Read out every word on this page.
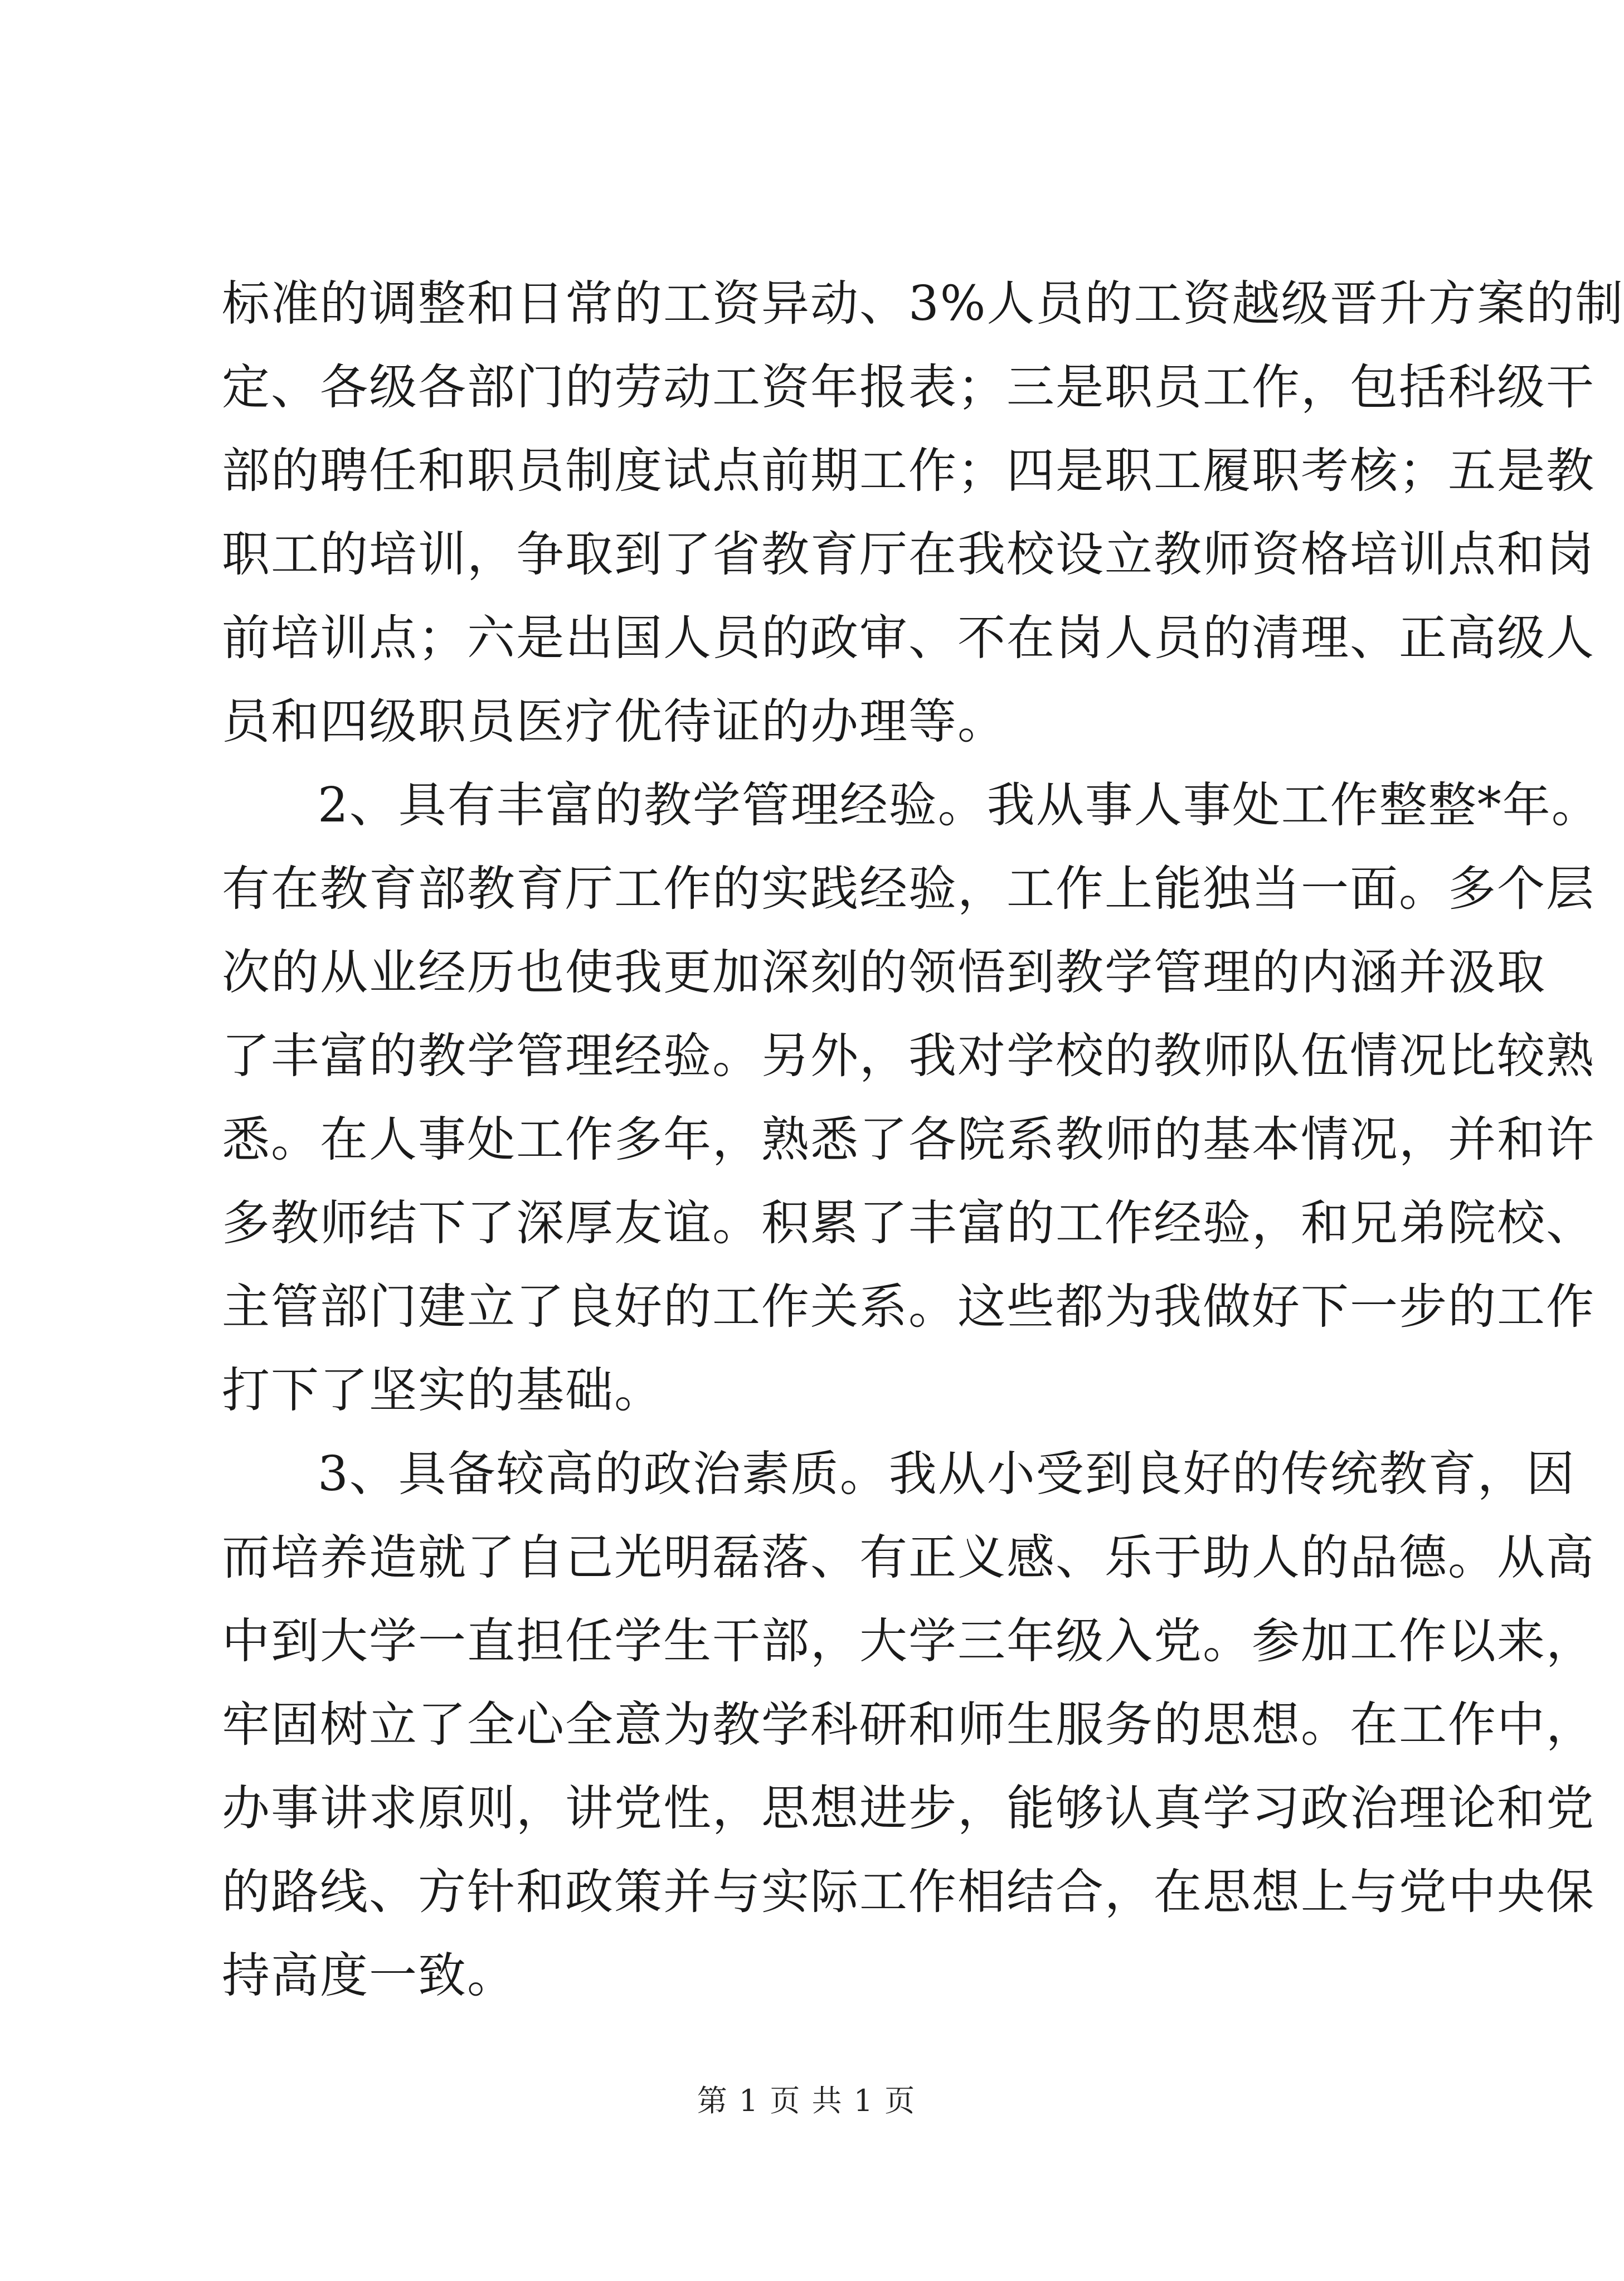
标准的调整和日常的工资异动、3%人员的工资越级晋升方案的制
定、各级各部门的劳动工资年报表；三是职员工作，包括科级干
部的聘任和职员制度试点前期工作；四是职工履职考核；五是教
职工的培训，争取到了省教育厅在我校设立教师资格培训点和岗
前培训点；六是出国人员的政审、不在岗人员的清理、正高级人
员和四级职员医疗优待证的办理等。
2、具有丰富的教学管理经验。我从事人事处工作整整*年。
有在教育部教育厅工作的实践经验，工作上能独当一面。多个层
次的从业经历也使我更加深刻的领悟到教学管理的内涵并汲取
了丰富的教学管理经验。另外，我对学校的教师队伍情况比较熟
悉。在人事处工作多年，熟悉了各院系教师的基本情况，并和许
多教师结下了深厚友谊。积累了丰富的工作经验，和兄弟院校、
主管部门建立了良好的工作关系。这些都为我做好下一步的工作
打下了坚实的基础。
3、具备较高的政治素质。我从小受到良好的传统教育，因
而培养造就了自己光明磊落、有正义感、乐于助人的品德。从高
中到大学一直担任学生干部，大学三年级入党。参加工作以来，
牢固树立了全心全意为教学科研和师生服务的思想。在工作中，
办事讲求原则，讲党性，思想进步，能够认真学习政治理论和党
的路线、方针和政策并与实际工作相结合，在思想上与党中央保
持高度一致。
第 1 页 共 1 页
